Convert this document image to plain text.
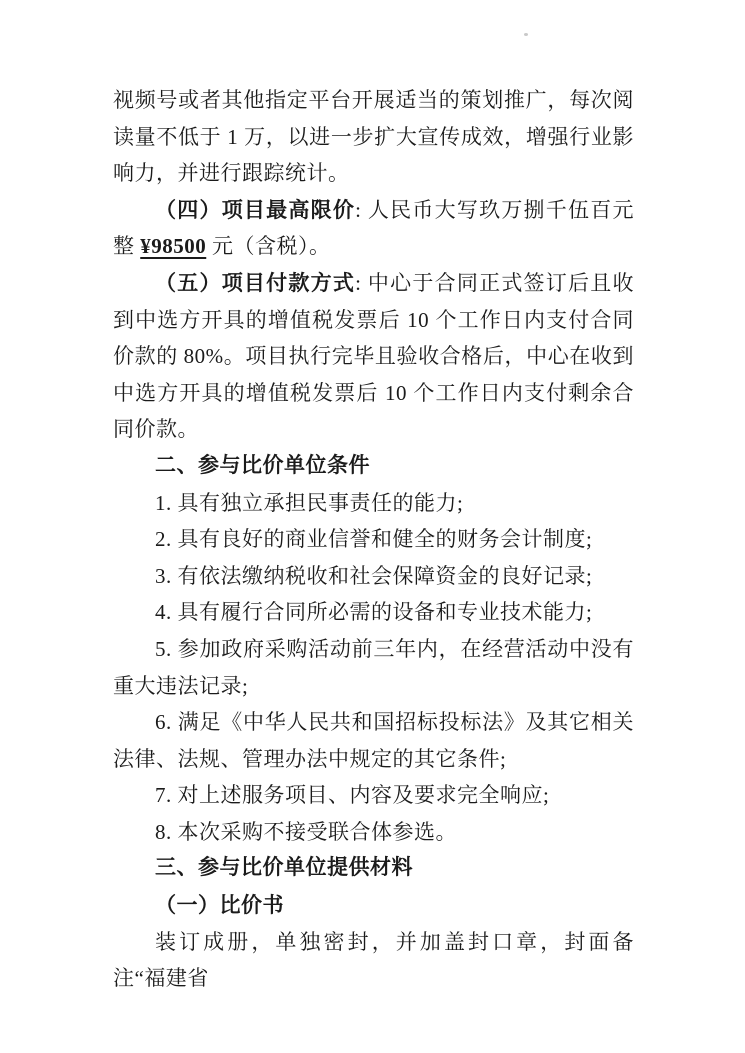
视频号或者其他指定平台开展适当的策划推广，每次阅读量不低于 1 万，以进一步扩大宣传成效，增强行业影响力，并进行跟踪统计。

（四）项目最高限价: 人民币大写玖万捌千伍百元整 ¥98500 元（含税）。

（五）项目付款方式: 中心于合同正式签订后且收到中选方开具的增值税发票后 10 个工作日内支付合同价款的 80%。项目执行完毕且验收合格后，中心在收到中选方开具的增值税发票后 10 个工作日内支付剩余合同价款。

二、参与比价单位条件

1. 具有独立承担民事责任的能力;

2. 具有良好的商业信誉和健全的财务会计制度;

3. 有依法缴纳税收和社会保障资金的良好记录;

4. 具有履行合同所必需的设备和专业技术能力;

5. 参加政府采购活动前三年内，在经营活动中没有重大违法记录;

6. 满足《中华人民共和国招标投标法》及其它相关法律、法规、管理办法中规定的其它条件;

7. 对上述服务项目、内容及要求完全响应;

8. 本次采购不接受联合体参选。

三、参与比价单位提供材料

（一）比价书

装订成册，单独密封，并加盖封口章，封面备注“福建省
